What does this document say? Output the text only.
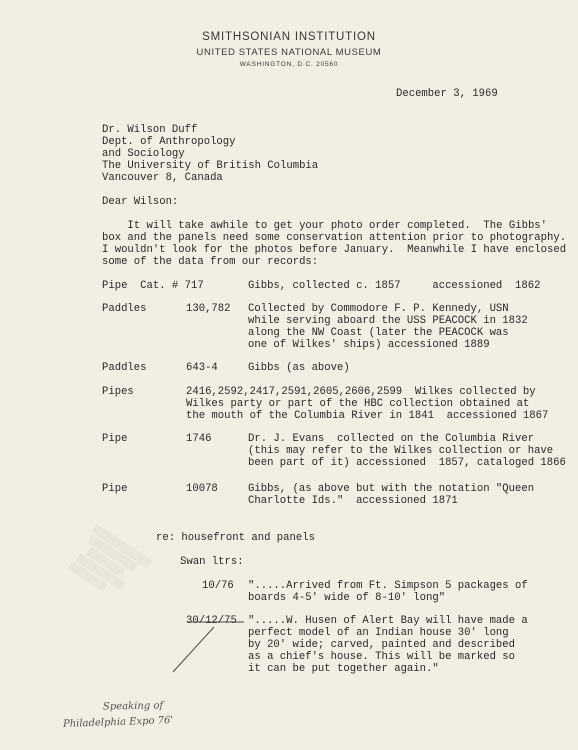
SMITHSONIAN INSTITUTION
UNITED STATES NATIONAL MUSEUM
WASHINGTON, D.C. 20560
December 3, 1969
Dr. Wilson Duff
Dept. of Anthropology
and Sociology
The University of British Columbia
Vancouver 8, Canada
Dear Wilson:
It will take awhile to get your photo order completed.  The Gibbs'
box and the panels need some conservation attention prior to photography.
I wouldn't look for the photos before January.  Meanwhile I have enclosed
some of the data from our records:
Pipe  Cat. # 717	Gibbs, collected c. 1857     accessioned  1862
Paddles	130,782 Collected by Commodore F. P. Kennedy, USN
while serving aboard the USS PEACOCK in 1832
along the NW Coast (later the PEACOCK was
one of Wilkes' ships) accessioned 1889
Paddles	643-4	Gibbs (as above)
Pipes	2416,2592,2417,2591,2605,2606,2599  Wilkes collected by
Wilkes party or part of the HBC collection obtained at
the mouth of the Columbia River in 1841  accessioned 1867
Pipe	1746	Dr. J. Evans  collected on the Columbia River
(this may refer to the Wilkes collection or have
been part of it) accessioned  1857, cataloged 1866
Pipe	10078	Gibbs, (as above but with the notation "Queen
Charlotte Ids."  accessioned 1871
▒▒▒▒▒▒▒▒▒▒▒
▒▒▒▒▒▒▒▒▒
▒▒▒▒▒▒▒
▒▒▒▒▒▒▒▒▒
▒▒▒▒▒▒▒
re: housefront and panels
Swan ltrs:
10/76 ".....Arrived from Ft. Simpson 5 packages of
boards 4-5' wide of 8-10' long"
30/12/75 ".....W. Husen of Alert Bay will have made a
perfect model of an Indian house 30' long
by 20' wide; carved, painted and described
as a chief's house. This will be marked so
it can be put together again."
Speaking of
Philadelphia Expo 76'
